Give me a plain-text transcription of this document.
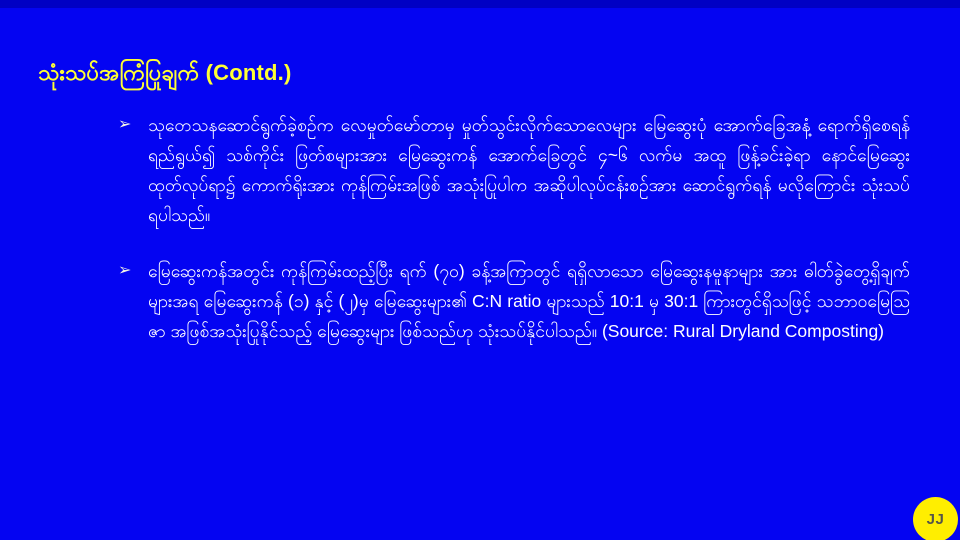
သုံးသပ်အကြံပြုချက် (Contd.)
➢ သုတေသနဆောင်ရွက်ခဲ့စဉ်က လေမှုတ်မော်တာမှ မှုတ်သွင်းလိုက်သောလေများ မြေဆွေးပုံ အောက်ခြေအနံ့ ရောက်ရှိစေရန်ရည်ရွယ်၍ သစ်ကိုင်း ဖြတ်စများအား မြေဆွေးကန် အောက်ခြေတွင် ၄~၆ လက်မ အထူ ဖြန့်ခင်းခဲ့ရာ နောင်မြေဆွေးထုတ်လုပ်ရာ၌ ကောက်ရိုးအား ကုန်ကြမ်းအဖြစ် အသုံးပြုပါက အဆိုပါလုပ်ငန်းစဉ်အား ဆောင်ရွက်ရန် မလိုကြောင်း သုံးသပ်ရပါသည်။
➢ မြေဆွေးကန်အတွင်း ကုန်ကြမ်းထည့်ပြီး ရက် (၇၀) ခန့်အကြာတွင် ရရှိလာသော မြေဆွေးနမူနာများ အား ဓါတ်ခွဲတွေ့ရှိချက်များအရ မြေဆွေးကန် (၁) နှင့် (၂)မှ မြေဆွေးများ၏ C:N ratio များသည် 10:1 မှ 30:1 ကြားတွင်ရှိသဖြင့် သဘာဝမြေသြဇာ အဖြစ်အသုံးပြုနိုင်သည့် မြေဆွေးများ ဖြစ်သည်ဟု သုံးသပ်နိုင်ပါသည်။ (Source: Rural Dryland Composting)
JJ
